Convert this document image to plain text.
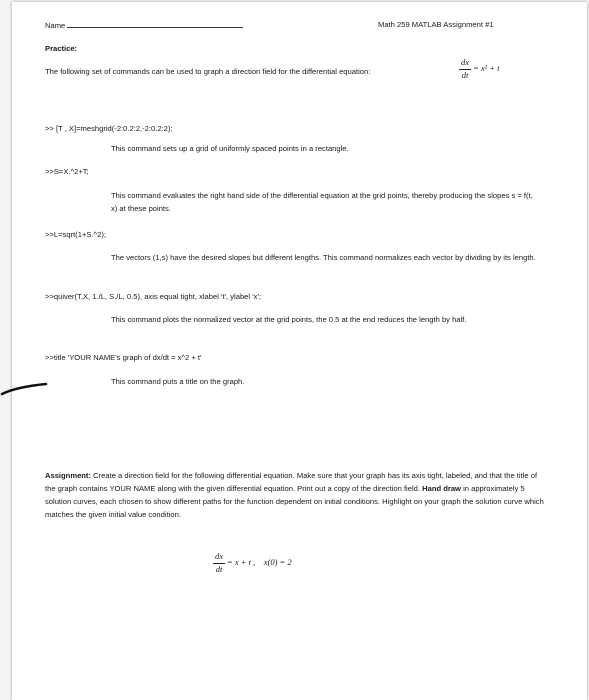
Name	Math 259 MATLAB Assignment #1
Practice:
The following set of commands can be used to graph a direction field for the differential equation:
dx
dt
= x² + t
>> [T , X]=meshgrid(-2:0.2:2,-2:0.2:2);
This command sets up a grid of uniformly spaced points in a rectangle.
>>S=X.^2+T;
This command evaluates the right hand side of the differential equation at the grid points, thereby producing the slopes s = f(t, x) at these points.
>>L=sqrt(1+S.^2);
The vectors (1,s) have the desired slopes but different lengths. This command normalizes each vector by dividing by its length.
>>quiver(T,X, 1./L, S./L, 0.5), axis equal tight, xlabel 't', ylabel 'x';
This command plots the normalized vector at the grid points, the 0.5 at the end reduces the length by half.
>>title 'YOUR NAME's graph of dx/dt = x^2 + t'
This command puts a title on the graph.
Assignment: Create a direction field for the following differential equation. Make sure that your graph has its axis tight, labeled, and that the title of the graph contains YOUR NAME along with the given differential equation. Print out a copy of the direction field. Hand draw in approximately 5 solution curves, each chosen to show different paths for the function dependent on initial conditions. Highlight on your graph the solution curve which matches the given initial value condition.
dx
dt
= x + t ,    x(0) = 2
